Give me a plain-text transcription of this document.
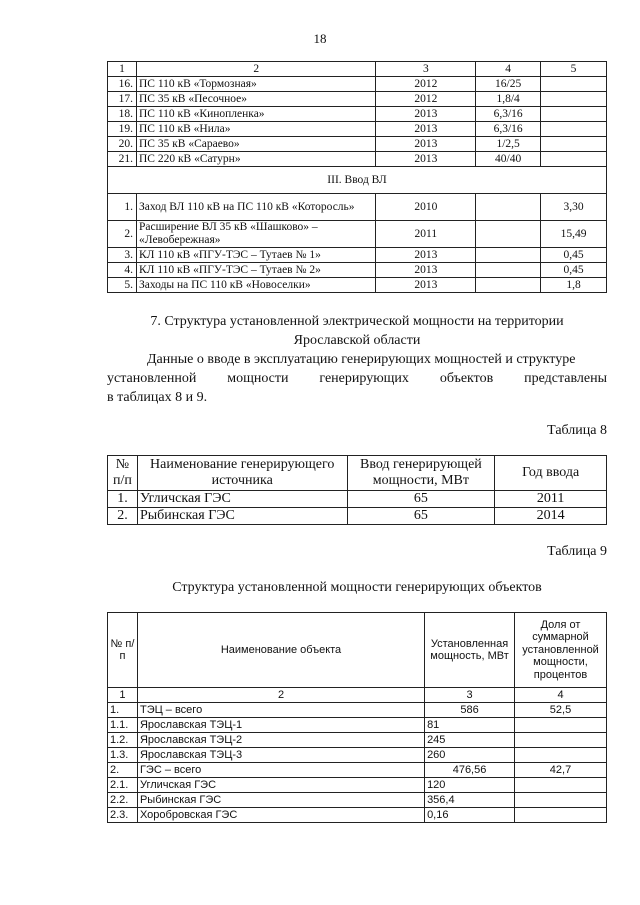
18
1	2	3	4	5
16.	ПС 110 кВ «Тормозная»	2012	16/25	
17.	ПС 35 кВ «Песочное»	2012	1,8/4	
18.	ПС 110 кВ «Кинопленка»	2013	6,3/16	
19.	ПС 110 кВ «Нила»	2013	6,3/16	
20.	ПС 35 кВ «Сараево»	2013	1/2,5	
21.	ПС 220 кВ «Сатурн»	2013	40/40	
III. Ввод ВЛ				
1.	Заход ВЛ 110 кВ на ПС 110 кВ «Которосль»	2010		3,30
2.	Расширение ВЛ 35 кВ «Шашково» – «Левобережная»	2011		15,49
3.	КЛ 110 кВ «ПГУ-ТЭС – Тутаев № 1»	2013		0,45
4.	КЛ 110 кВ «ПГУ-ТЭС – Тутаев № 2»	2013		0,45
5.	Заходы на ПС 110 кВ «Новоселки»	2013		1,8
7. Структура установленной электрической мощности на территории
Ярославской области
Данные о вводе в эксплуатацию генерирующих мощностей и структуре
установленной мощности генерирующих объектов представлены
в таблицах 8 и 9.
Таблица 8
№ п/п	Наименование генерирующего источника	Ввод генерирующей мощности, МВт	Год ввода
1.	Угличская ГЭС	65	2011
2.	Рыбинская ГЭС	65	2014
Таблица 9
Структура установленной мощности генерирующих объектов
№ п/п	Наименование объекта	Установленная мощность, МВт	Доля от суммарной установленной мощности, процентов
1	2	3	4
1.	ТЭЦ – всего	586	52,5
1.1.	Ярославская ТЭЦ-1	81	
1.2.	Ярославская ТЭЦ-2	245	
1.3.	Ярославская ТЭЦ-3	260	
2.	ГЭС – всего	476,56	42,7
2.1.	Угличская ГЭС	120	
2.2.	Рыбинская ГЭС	356,4	
2.3.	Хоробровская ГЭС	0,16	
